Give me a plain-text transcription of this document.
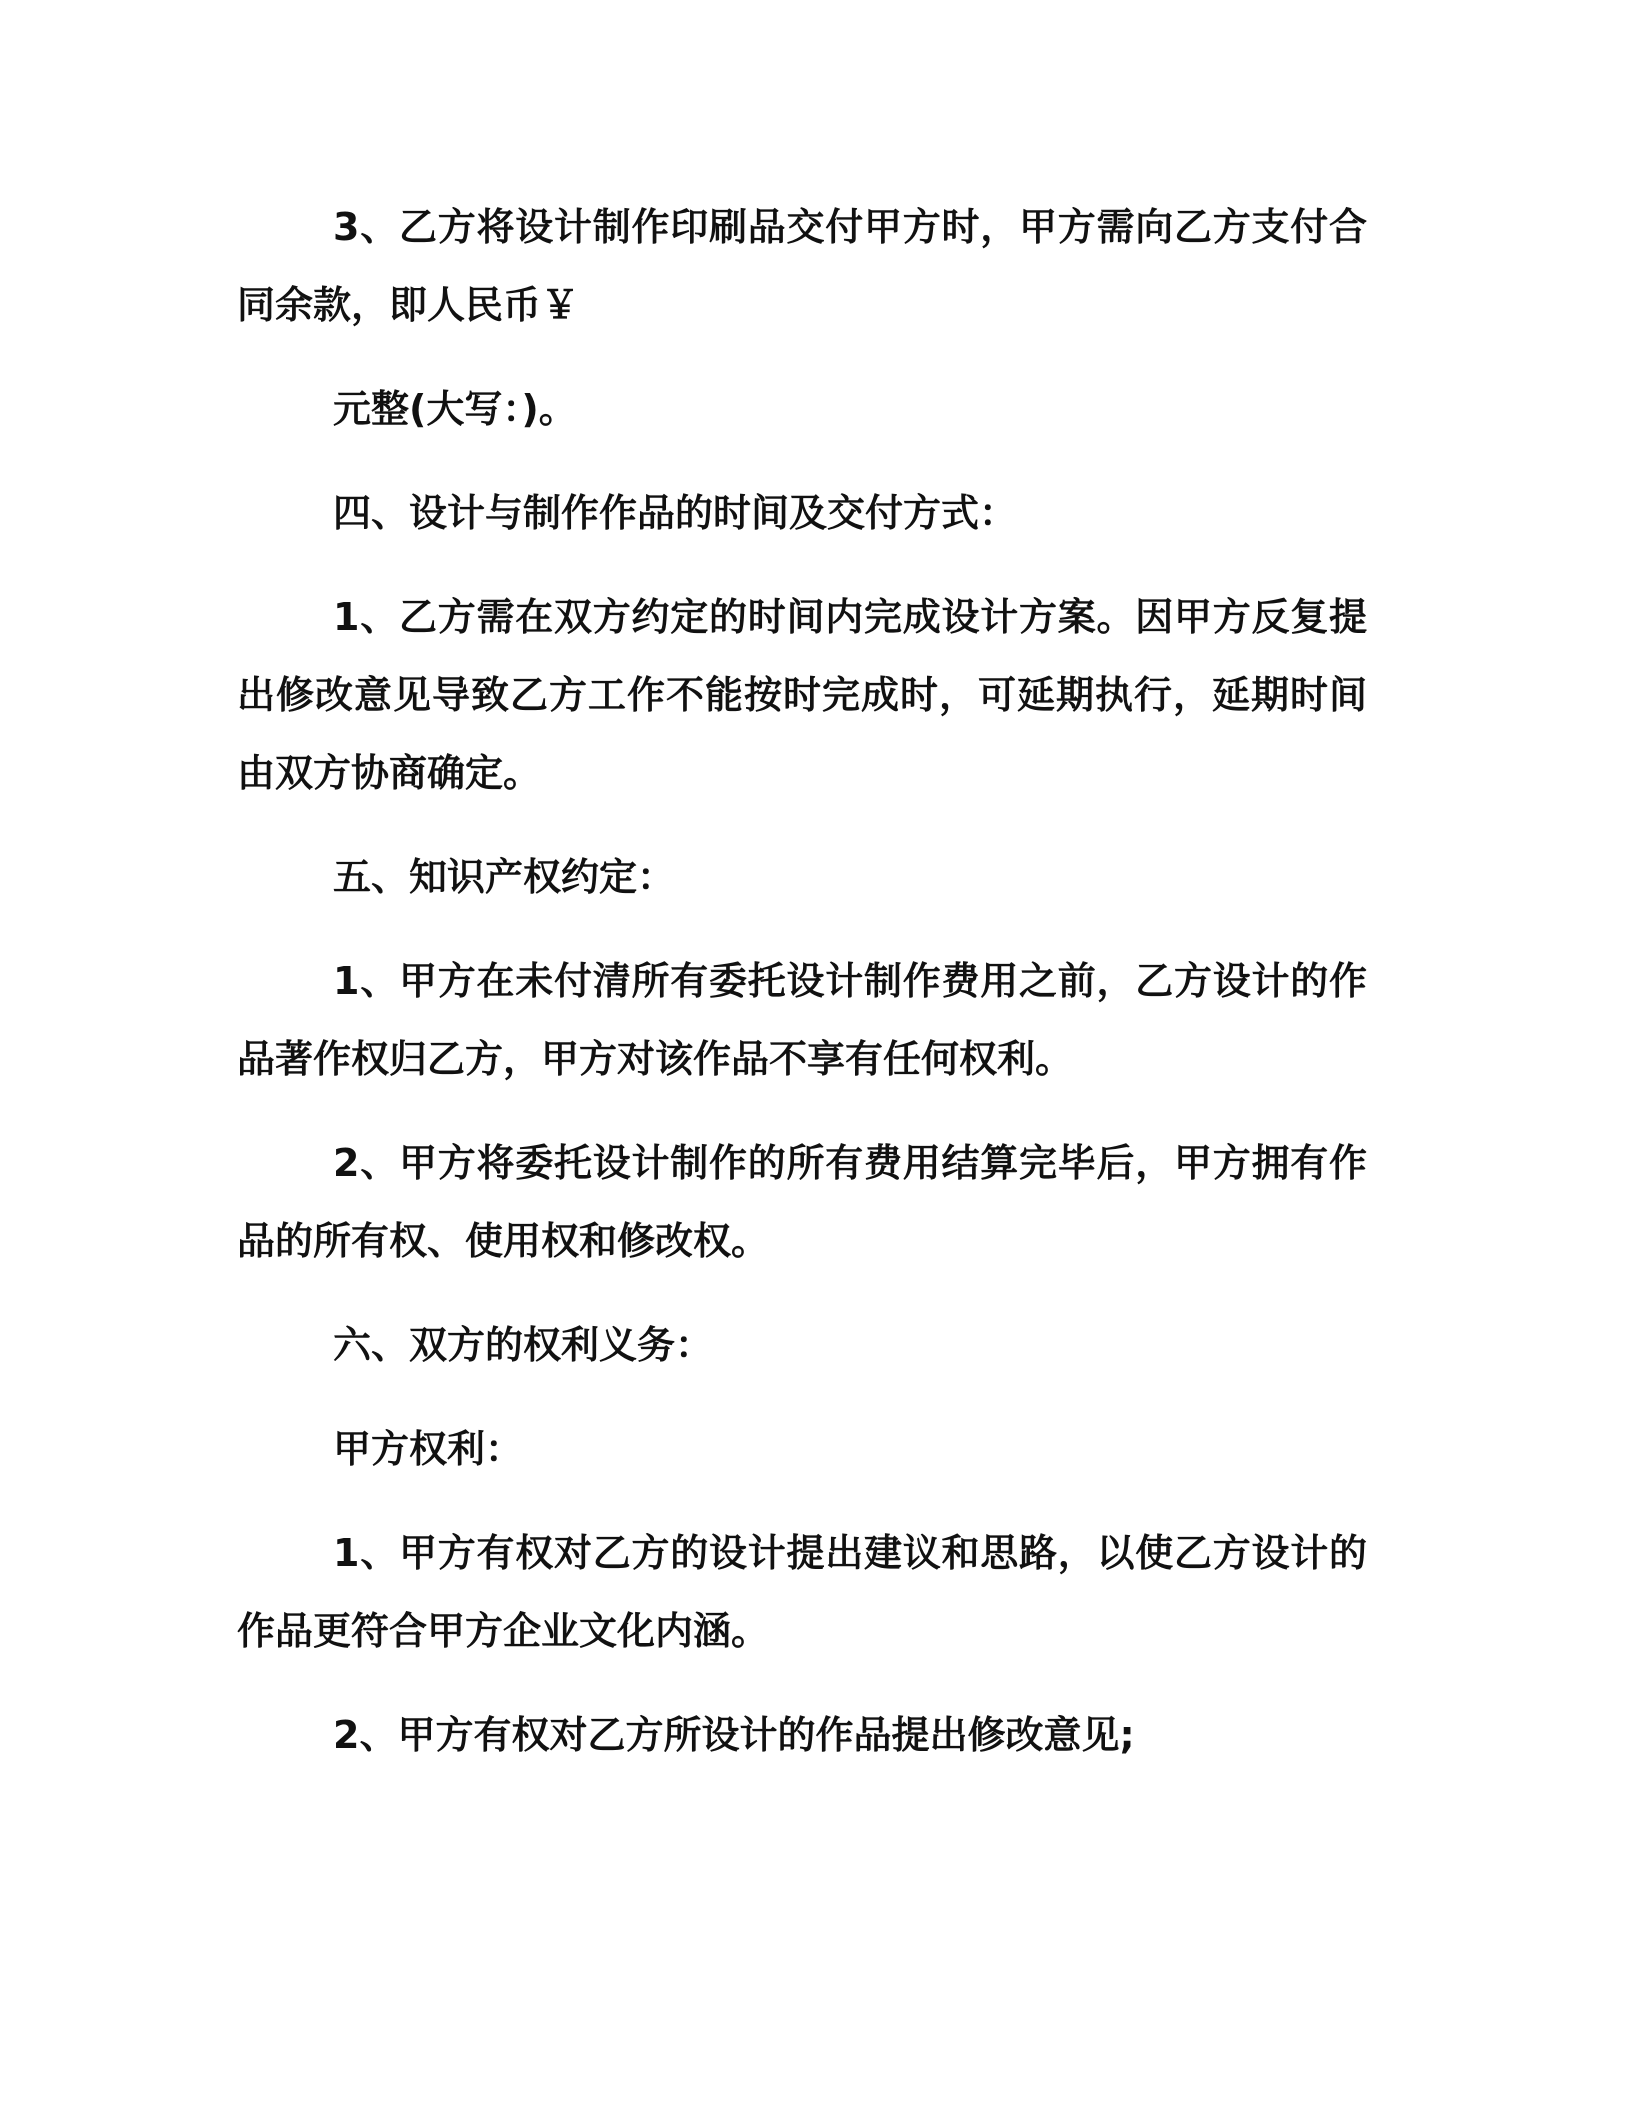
3、乙方将设计制作印刷品交付甲方时，甲方需向乙方支付合同余款，即人民币￥

元整(大写：)。

四、设计与制作作品的时间及交付方式：

1、乙方需在双方约定的时间内完成设计方案。因甲方反复提出修改意见导致乙方工作不能按时完成时，可延期执行，延期时间由双方协商确定。

五、知识产权约定：

1、甲方在未付清所有委托设计制作费用之前，乙方设计的作品著作权归乙方，甲方对该作品不享有任何权利。

2、甲方将委托设计制作的所有费用结算完毕后，甲方拥有作品的所有权、使用权和修改权。

六、双方的权利义务：

甲方权利：

1、甲方有权对乙方的设计提出建议和思路，以使乙方设计的作品更符合甲方企业文化内涵。

2、甲方有权对乙方所设计的作品提出修改意见;
